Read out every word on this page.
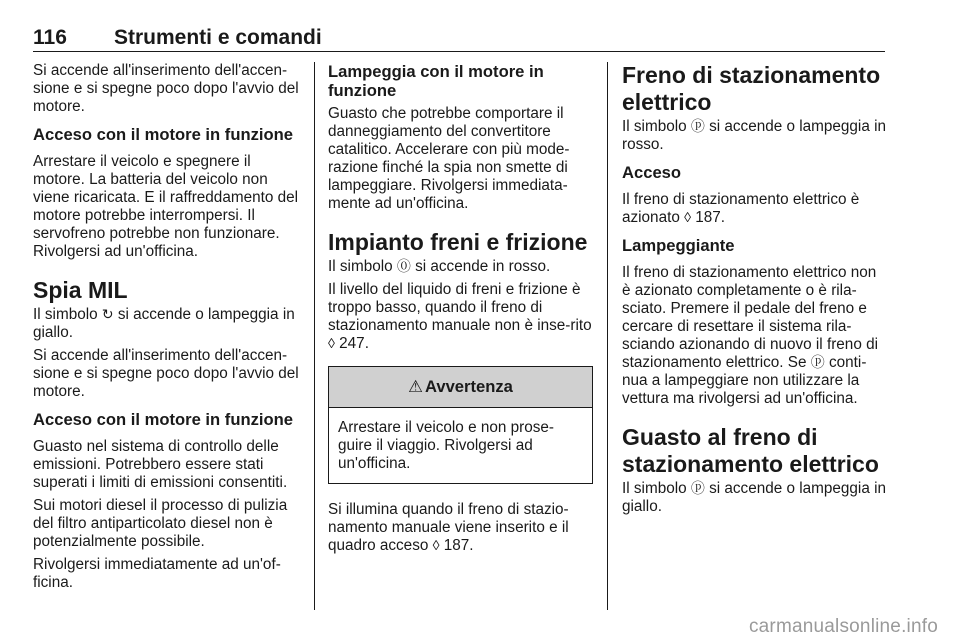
116 Strumenti e comandi

Si accende all'inserimento dell'accen-sione e si spegne poco dopo l'avvio del motore.

Acceso con il motore in funzione

Arrestare il veicolo e spegnere il motore. La batteria del veicolo non viene ricaricata. E il raffreddamento del motore potrebbe interrompersi. Il servofreno potrebbe non funzionare. Rivolgersi ad un'officina.

Spia MIL

Il simbolo ↻ si accende o lampeggia in giallo.

Si accende all'inserimento dell'accen-sione e si spegne poco dopo l'avvio del motore.

Acceso con il motore in funzione

Guasto nel sistema di controllo delle emissioni. Potrebbero essere stati superati i limiti di emissioni consentiti.

Sui motori diesel il processo di pulizia del filtro antiparticolato diesel non è potenzialmente possibile.

Rivolgersi immediatamente ad un'of-ficina.

Lampeggia con il motore in funzione

Guasto che potrebbe comportare il danneggiamento del convertitore catalitico. Accelerare con più mode-razione finché la spia non smette di lampeggiare. Rivolgersi immediata-mente ad un'officina.

Impianto freni e frizione

Il simbolo ⓪ si accende in rosso.

Il livello del liquido di freni e frizione è troppo basso, quando il freno di stazionamento manuale non è inse-rito ◊ 247.

⚠ Avvertenza

Arrestare il veicolo e non prose-guire il viaggio. Rivolgersi ad un'officina.

Si illumina quando il freno di stazio-namento manuale viene inserito e il quadro acceso ◊ 187.

Freno di stazionamento elettrico

Il simbolo ⓟ si accende o lampeggia in rosso.

Acceso

Il freno di stazionamento elettrico è azionato ◊ 187.

Lampeggiante

Il freno di stazionamento elettrico non è azionato completamente o è rila-sciato. Premere il pedale del freno e cercare di resettare il sistema rila-sciando azionando di nuovo il freno di stazionamento elettrico. Se ⓟ conti-nua a lampeggiare non utilizzare la vettura ma rivolgersi ad un'officina.

Guasto al freno di stazionamento elettrico

Il simbolo ⓟ si accende o lampeggia in giallo.

carmanualsonline.info
